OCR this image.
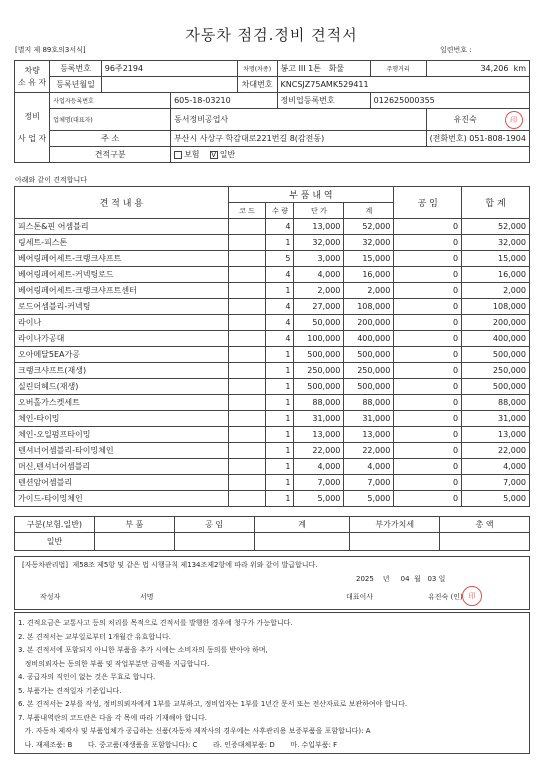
자동차 점검.정비 견적서
[별지 제 89호의3서식]	일련번호 :
차량
소 유 자	등록번호	96주2194		차명(차종)	봉고 III 1톤 화물	주행거리	34,206 km
	등록년월일			차대번호	KNCSJZ75AMK529411		
정비
사 업 자	사업자등록번호		605-18-03210		정비업등록번호	012625000355	
	업체명(대표자)		동서정비공업사				유진숙 印

	주 소		부산시 사상구 학감대로221번길 8(감전동)				(전화번호) 051-808-1904
	견적구분		보험 V 일반				
아래와 같이 견적합니다
견 적 내 용	부 품 내 역				공 임	합 계
	코 드	수 량	단 가	계		
피스톤&핀 어셈블리		4	13,000	52,000	0	52,000
링세트-피스톤		1	32,000	32,000	0	32,000
베어링페어세트-크랭크샤프트		5	3,000	15,000	0	15,000
베어링페어세트-커넥팅로드		4	4,000	16,000	0	16,000
베어링페어세트-크랭크샤프트센터		1	2,000	2,000	0	2,000
로드어셈블리-커넥팅		4	27,000	108,000	0	108,000
라이나		4	50,000	200,000	0	200,000
라이나가공대		4	100,000	400,000	0	400,000
오아메달5EA가공		1	500,000	500,000	0	500,000
크랭크샤프트(재생)		1	250,000	250,000	0	250,000
실린더헤드(재생)		1	500,000	500,000	0	500,000
오버홀가스켓세트		1	88,000	88,000	0	88,000
체인-타이밍		1	31,000	31,000	0	31,000
체인-오일펌프타이밍		1	13,000	13,000	0	13,000
텐셔너어셈블리-타이밍체인		1	22,000	22,000	0	22,000
머신,텐셔너어셈블리		1	4,000	4,000	0	4,000
텐션암어셈블리		1	7,000	7,000	0	7,000
가이드-타이밍체인		1	5,000	5,000	0	5,000
구분(보험.일반)	부 품	공 임	계	부가가치세	총 액
일반					
[자동차관리법] 제58조 제5항 및 같은 법 시행규칙 제134조제2항에 따라 위와 같이 발급합니다.
2025 년 04 월 03 일
작성자	서명	대표이사	유진숙 (인) 印
1. 견적요금은 교통사고 등의 처리를 목적으로 견적서를 발행한 경우에 청구가 가능합니다.
2. 본 견적서는 교부일로부터 1개월간 유효합니다.
3. 본 견적서에 포함되지 아니한 부품을 추가 시에는 소비자의 동의를 받아야 하며,
정비의뢰자는 동의한 부품 및 작업부분만 금액을 지급합니다.
4. 공급자의 직인이 없는 것은 무효로 합니다.
5. 부품가는 견적일자 기준입니다.
6. 본 견적서는 2부를 작성, 정비의뢰자에게 1부를 교부하고, 정비업자는 1부를 1년간 문서 또는 전산자료로 보관하여야 합니다.
7. 부품내역란의 코드란은 다음 각 목에 따라 기재해야 합니다.
가. 자동차 제작사 및 부품업체가 공급하는 신품(자동차 제작사의 경우에는 사후관리용 보증부품을 포함합니다): A
나. 재제조품: B       다. 중고품(재생품을 포함합니다): C       라. 인증대체부품: D       마. 수입부품: F
